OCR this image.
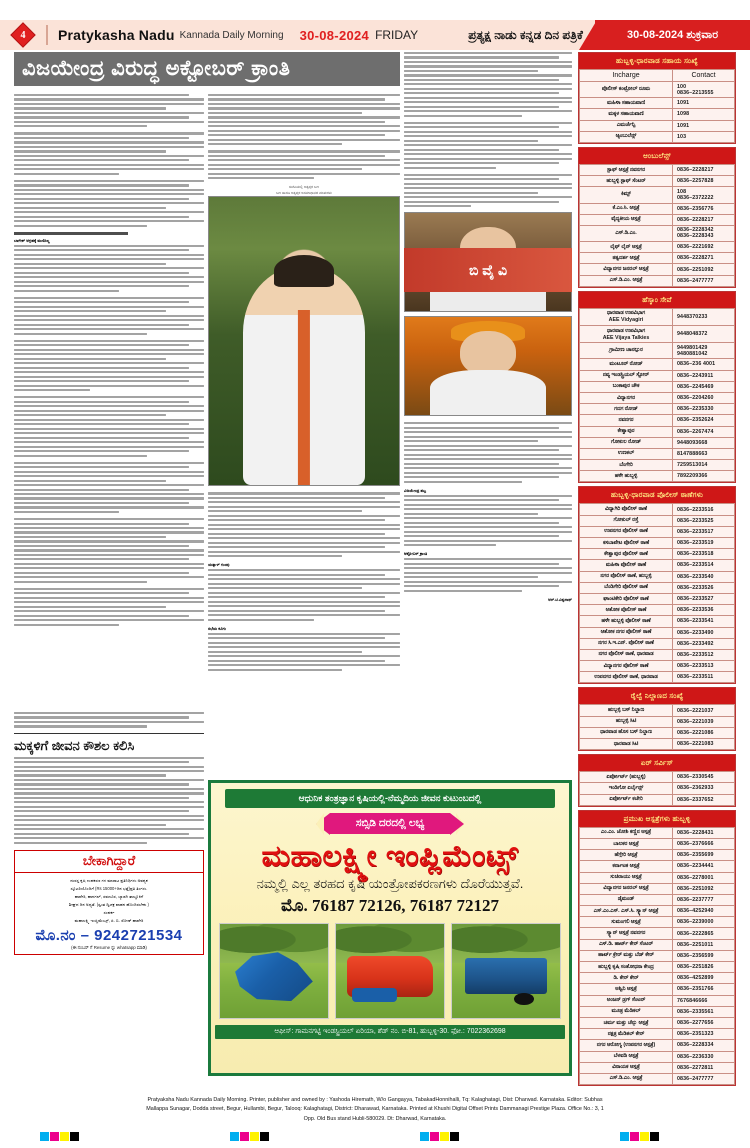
4 Pratykasha Nadu Kannada Daily Morning 30-08-2024 FRIDAY	ಪ್ರತ್ಯಕ್ಷ ನಾಡು ಕನ್ನಡ ದಿನ ಪತ್ರಿಕೆ	30-08-2024 ಶುಕ್ರವಾರ
ವಿಜಯೇಂದ್ರ ವಿರುದ್ಧ ಅಕ್ಟೋಬರ್ ಕ್ರಾಂತಿ
ಬಾಗೇಶ್ ಆಗ್ರಹಕ್ಕೆ ಮಣಿದಿಲ್ಲ
ಮಕ್ಕಳಿಗೆ ಜೀವನ ಕೌಶಲ ಕಲಿಸಿ
ಬೇಕಾಗಿದ್ದಾರೆ
ದುರಸ್ತ ಕೃಷಿ ಉಪಕರಣ ಗಳ ಮಾರಾಟ ಪ್ರತಿನಿಧಿಗಳು ಅವಶ್ಯಕ
ಸ್ಕೂಟರಿಯೊಂದಿಗೆ (Rs 15000+ದಿನ ಭತ್ತೆ)ಪ್ರತಿ ತಿಂಗಳು.
ಹಾವೇರಿ, ಹಾನಗಲ್, ಸವಣೂರ, ಬ್ಯಾಡಗಿ ತಾಲ್ಲೂಕಿಗೆ
ಶೀಘ್ರದ ದಿನ ಅಧ್ಯತೆ. (ಸ್ವಂತ ದ್ವಿಚಕ್ರ ವಾಹನ ಹೊಂದಿರಬೇಕು )
ಸಂಪರ್ಕ
ಮಹಾಲಕ್ಷ್ಮಿ ಇಂಪ್ಲಿಮೆಂಟ್ಸ್, ಪಿ. ಬಿ. ರೋಡ್ ಹಾವೇರಿ
ಮೊ.ನಂ – 9242721534
(ಈ ನಂಬರ್ ಗೆ Resume ನ್ನು whatsapp ಮಾಡಿ)
ಬಿಜೆಪಿಯಲ್ಲಿ ಅತೃಪ್ತರ ಬಣ
ಬಣ ಹಾಗೂ ಅತೃಪ್ತರ ಅಸಮಾಧಾನದ ಮಾತುಗಳು
ಯತ್ನಾಳ್ ಗುಂಪು
ಸಭೆಯ ಕೂಗು
ವಿಜಯೇಂದ್ರ ಪಟ್ಟ
ಆಕ್ಟೋಬರ್ ಕ್ರಾಂತಿ
ಆರ್.ಟಿ.ವಿಶ್ವನಾಥ್
ಬಿ ವೈ ವಿ
ಆಧುನಿಕ ತಂತ್ರಜ್ಞಾನ ಕೃಷಿಯಲ್ಲಿ-ನೆಮ್ಮದಿಯ ಜೀವನ ಕುಟುಂಬದಲ್ಲಿ
ಸಬ್ಸಿಡಿ ದರದಲ್ಲಿ ಲಭ್ಯ
ಮಹಾಲಕ್ಷ್ಮೀ ಇಂಪ್ಲಿಮೆಂಟ್ಸ್
ನಮ್ಮಲ್ಲಿ ಎಲ್ಲ ತರಹದ ಕೃಷಿ ಯಂತ್ರೋಪಕರಣಗಳು ದೊರೆಯುತ್ತವೆ.
ಮೊ. 76187 72126, 76187 72127
ಆಫೀಸ್: ಗಾಮನಗಟ್ಟಿ ಇಂಡಸ್ಟ್ರಿಯಲ್ ಏರಿಯಾ, ಶೆಡ್ ನಂ. ಬಿ-81, ಹುಬ್ಬಳ್ಳಿ-30. ಫೋ.: 7022362698
ಹುಬ್ಬಳ್ಳಿ-ಧಾರವಾಡ ಸಹಾಯ ಸಂಖ್ಯೆ
Incharge	Contact
ಪೊಲೀಸ್ ಕಂಟ್ರೋಲ್ ರೂಮ	100
0836–2213555
ಮಹಿಳಾ ಸಹಾಯವಾಣಿ	1091
ಮಕ್ಕಳ ಸಹಾಯವಾಣಿ	1098
ಎಮರ್ಜೆನ್ಸಿ	1091
ಆ್ಯಂಬುಲೆನ್ಸ್	103
ಆಂಬುಲೆನ್ಸ್
ಸ್ಟಾಫ್ ಆಸ್ಪತ್ರೆ ನವನಗರ	0836–2228217
ಹುಬ್ಬಳ್ಳಿ ಸ್ಟಾಫ್ ಸೆಂಟರ್	0836–2257828
ಕಿಮ್ಸ್	108
0836–2372222
ಕೆ.ಎಂ.ಸಿ. ಆಸ್ಪತ್ರೆ	0836–2356776
ವೈದ್ಯಕೀಯ ಆಸ್ಪತ್ರೆ	0836–2228217
ಎಸ್.ಡಿ.ಎಂ.	0836–2228342
0836–2228343
ಲೈಫ್ ಲೈನ್ ಆಸ್ಪತ್ರೆ	0836–2221692
ತತ್ವದರ್ಶ ಆಸ್ಪತ್ರೆ	0836–2228271
ವಿದ್ಯಾನಗರ ಜನರಲ್ ಆಸ್ಪತ್ರೆ	0836–2251092
ಎಸ್.ಡಿ.ಎಂ. ಆಸ್ಪತ್ರೆ	0836–2477777
ಹೆಸ್ಕಾಂ ಸೇವೆ
ಧಾರವಾಡ ಉಪವಿಭಾಗ
AEE Vidyagiri	9448370233
ಧಾರವಾಡ ಉಪವಿಭಾಗ
AEE Vijaya Talkies	9448048372
ಗ್ರಾಮೀಣ ಚಾನಲ್ಪುರ	9449801429
9480881042
ಮಂಟೂರ್ ರೋಡ್	0836–236 4001
ನವ್ಯ ಇಂಡಸ್ಟ್ರಿಯಲ್ ಸ್ಟೋರ್	0836–2243911
ಬಂಕಾಪುರ ಚೌಕ	0836–2245469
ವಿದ್ಯಾನಗರ	0836–2204260
ಗದಗ ರೋಡ್	0836–2235330
ನವನಗರ	0836–2352624
ಕೇಶ್ವಾಪುರ	0836–2267474
ಗೋಕುಲ ರೋಡ್	9448093668
ಉಣಕಲ್	8147888663
ಬೆಂಗೇರಿ	7259513014
ಹಳೇ ಹುಬ್ಬಳ್ಳಿ	7892209366
ಹುಬ್ಬಳ್ಳಿ-ಧಾರವಾಡ ಪೊಲೀಸ್ ಠಾಣೆಗಳು
ವಿದ್ಯಾಗಿರಿ ಪೊಲೀಸ್ ಠಾಣೆ	0836–2233516
ಗೋಕುಲ್ ರಸ್ತೆ	0836–2233525
ಉಪನಗರ ಪೊಲೀಸ್ ಠಾಣೆ	0836–2233517
ಕಸಬಾಪೇಟ ಪೊಲೀಸ್ ಠಾಣೆ	0836–2233519
ಕೇಶ್ವಾಪುರ ಪೊಲೀಸ್ ಠಾಣೆ	0836–2233518
ಮಹಿಳಾ ಪೊಲೀಸ್ ಠಾಣೆ	0836–2233514
ನಗರ ಪೊಲೀಸ್ ಠಾಣೆ, ಹುಬ್ಬಳ್ಳಿ	0836–2233540
ಬೆಂಡಿಗೇರಿ ಪೊಲೀಸ್ ಠಾಣೆ	0836–2233526
ಘಾಂಟಿಕೇರಿ ಪೊಲೀಸ್ ಠಾಣೆ	0836–2233527
ಅಶೋಕ ಪೊಲೀಸ್ ಠಾಣೆ	0836–2233536
ಹಳೇ ಹುಬ್ಬಳ್ಳಿ ಪೊಲೀಸ್ ಠಾಣೆ	0836–2233541
ಆಶೋಕ ನಗರ ಪೊಲೀಸ್ ಠಾಣೆ	0836–2233490
ನಗರ ಸಿ.ಇ.ಎನ್. ಪೊಲೀಸ್ ಠಾಣೆ	0836–2233492
ನಗರ ಪೊಲೀಸ್ ಠಾಣೆ, ಧಾರವಾಡ	0836–2233512
ವಿದ್ಯಾನಗರ ಪೊಲೀಸ್ ಠಾಣೆ	0836–2233513
ಉಪನಗರ ಪೊಲೀಸ್ ಠಾಣೆ, ಧಾರವಾಡ	0836–2233511
ರೈಲ್ವೆ ನಿಲ್ದಾಣದ ಸಂಖ್ಯೆ
ಹುಬ್ಬಳ್ಳಿ ಬಸ್ ನಿಲ್ದಾಣ	0836–2221037
ಹುಬ್ಬಳ್ಳಿ ಸಿಟಿ	0836–2221039
ಧಾರವಾಡ ಹೊಸ ಬಸ್ ನಿಲ್ದಾಣ	0836–2221086
ಧಾರವಾಡ ಸಿಟಿ	0836–2221083
ಏರ್ ಸರ್ವಿಸ್
ಏರ್ಪೋರ್ಟ್ (ಹುಬ್ಬಳ್ಳಿ)	0836–2330545
ಇಂಡಿಗೋ ಏರ್ಲೈನ್ಸ್	0836–2362933
ಏರ್ಪೋರ್ಟ್ ಕಚೇರಿ	0836–2337652
ಪ್ರಮುಖ ಆಸ್ಪತ್ರೆಗಳು ಹುಬ್ಬಳ್ಳಿ
ಎಂ.ಎಂ. ಜೋಶಿ ಕಣ್ಣಿನ ಆಸ್ಪತ್ರೆ	0836–2228431
ಬಾಲಕರ ಆಸ್ಪತ್ರೆ	0836–2376666
ಹೆಗ್ಗೇರಿ ಆಸ್ಪತ್ರೆ	0836–2355699
ಕರ್ನಾಟಕ ಆಸ್ಪತ್ರೆ	0836–2234441
ಸುಚಿರಾಯು ಆಸ್ಪತ್ರೆ	0836–2278001
ವಿದ್ಯಾನಗರ ಜನರಲ್ ಆಸ್ಪತ್ರೆ	0836–2251092
ಡೈಮಂಡ್	0836–2237777
ಎಸ್.ಎಂ.ಎಸ್. ಎಸ್.ಸಿ. ಸ್ಕ್ಯಾನ್ ಆಸ್ಪತ್ರೆ	0836–4252940
ಸುಮಂಗಲಿ ಆಸ್ಪತ್ರೆ	0836–2239000
ಸ್ಕ್ಯಾನ್ ಆಸ್ಪತ್ರೆ ನವನಗರ	0836–2222865
ಎಸ್.ಡಿ. ಹಾರ್ಟ್ ಕೇರ್ ಸೆಂಟರ್	0836–2251011
ಹಾರ್ಟ್ ಕ್ರೇರ್ ಮತ್ತು ಬೆಡ್ ಕೇರ್	0836–2356599
ಹುಬ್ಬಳ್ಳಿ ಕೃಷಿ ಸಂಶೋಧನಾ ಕೇಂದ್ರ	0836–2251826
ಡಿ. ಕೇರ್ ಕೇರ್	0836–4252899
ಅಶ್ವಿನಿ ಆಸ್ಪತ್ರೆ	0836–2351766
ಅಂಜನ್ ಡ್ರಗ್ ಸೆಂಟರ್	7676846666
ಮೂತ್ರ ಮೆಡಿಕಲ್	0836–2335561
ಚರ್ಮ ಮತ್ತು ಚೆನ್ನು ಆಸ್ಪತ್ರೆ	0836–2277656
ನಕ್ಷತ್ರ ಮೆಡಿಕಲ್ ಕೇರ್	0836–2351323
ನಗರ ಆರೋಗ್ಯ (ಉಪನಗರ ಆಸ್ಪತ್ರೆ)	0836–2228334
ಬೆಳವಡಿ ಆಸ್ಪತ್ರೆ	0836–2236330
ವಿನಾಯಕ ಆಸ್ಪತ್ರೆ	0836–2272811
ಎಸ್.ಡಿ.ಎಂ. ಆಸ್ಪತ್ರೆ	0836–2477777
Pratyaksha Nadu Kannada Daily Morning. Printer, publisher and owned by : Yashoda Hiremath, W/o Gangayya, TabakadHonnihalli, Tq: Kalaghatagi, Dist: Dharwad. Karnataka. Editor: Subhas
Mallappa Sunagar, Dodda street, Begur, Hullambi, Begur, Talooq: Kalaghatagi, District: Dharawad, Karnataka. Printed at Khushi Digital Offset Prints Dammanagi Prestige Plaza. Office No.: 3, 1
Opp. Old Bus stand Hubli-580029. Dt: Dharwad, Karnataka.
